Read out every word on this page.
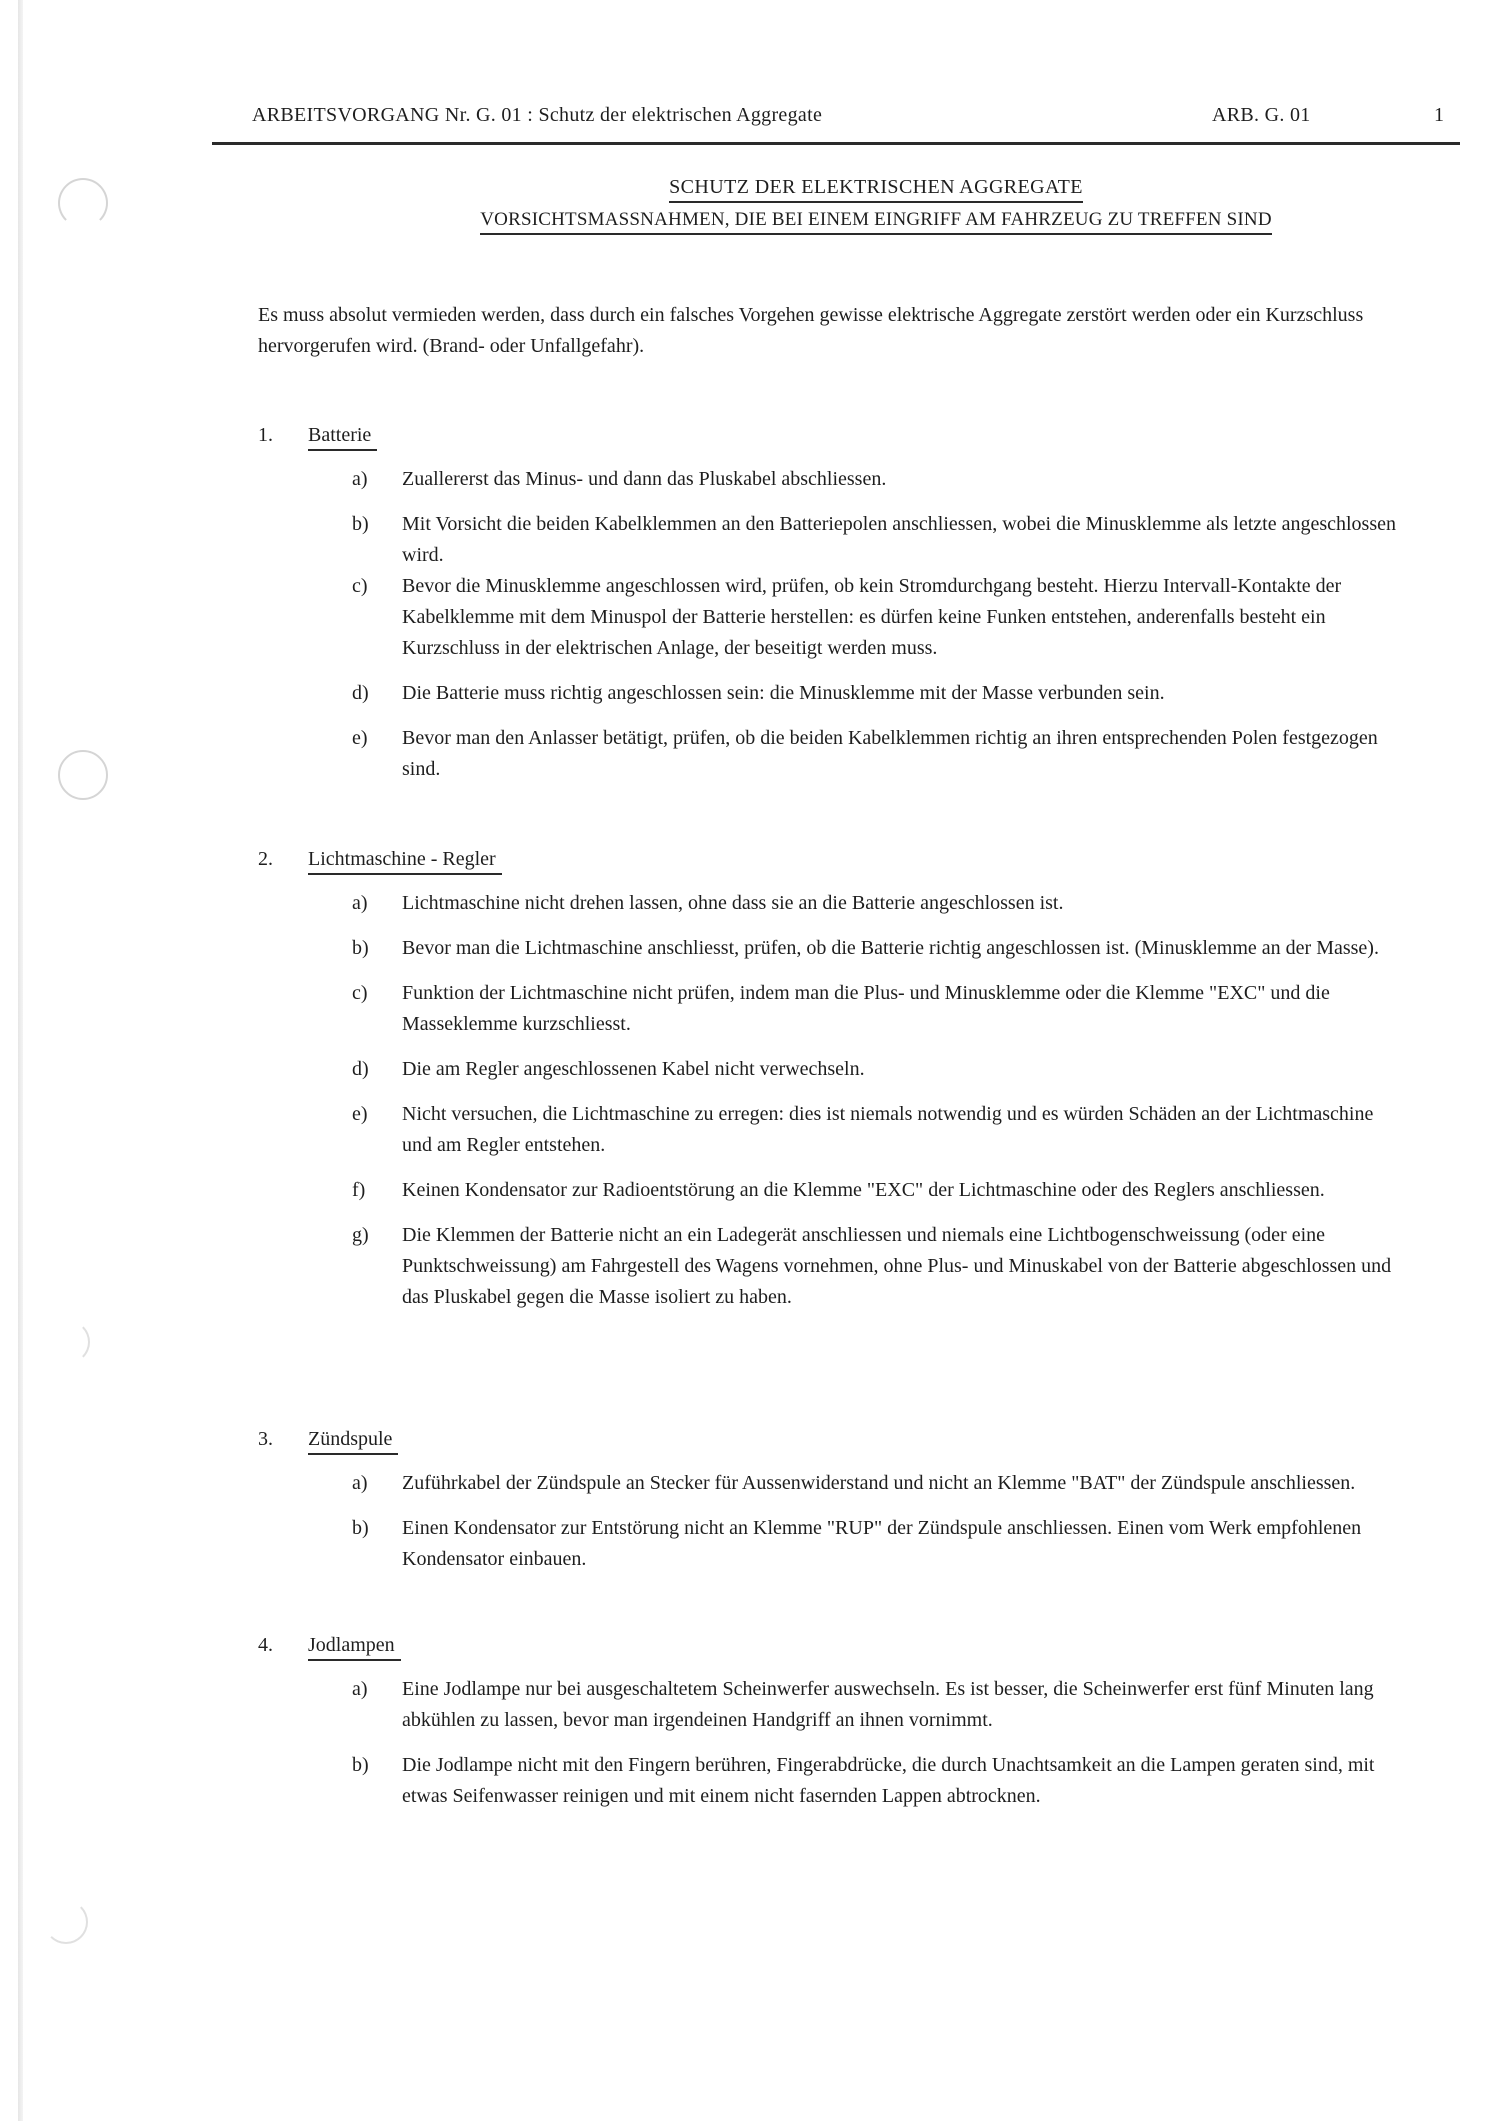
ARBEITSVORGANG Nr. G. 01 : Schutz der elektrischen Aggregate	ARB. G. 01	1
SCHUTZ DER ELEKTRISCHEN AGGREGATE
VORSICHTSMASSNAHMEN, DIE BEI EINEM EINGRIFF AM FAHRZEUG ZU TREFFEN SIND
Es muss absolut vermieden werden, dass durch ein falsches Vorgehen gewisse elektrische Aggregate zerstört werden oder ein Kurzschluss hervorgerufen wird. (Brand- oder Unfallgefahr).
1. Batterie
a) Zuallererst das Minus- und dann das Pluskabel abschliessen.
b) Mit Vorsicht die beiden Kabelklemmen an den Batteriepolen anschliessen, wobei die Minusklemme als letzte angeschlossen wird.
c) Bevor die Minusklemme angeschlossen wird, prüfen, ob kein Stromdurchgang besteht. Hierzu Intervall-Kontakte der Kabelklemme mit dem Minuspol der Batterie herstellen: es dürfen keine Funken entstehen, anderenfalls besteht ein Kurzschluss in der elektrischen Anlage, der beseitigt werden muss.
d) Die Batterie muss richtig angeschlossen sein: die Minusklemme mit der Masse verbunden sein.
e) Bevor man den Anlasser betätigt, prüfen, ob die beiden Kabelklemmen richtig an ihren entsprechenden Polen festgezogen sind.
2. Lichtmaschine - Regler
a) Lichtmaschine nicht drehen lassen, ohne dass sie an die Batterie angeschlossen ist.
b) Bevor man die Lichtmaschine anschliesst, prüfen, ob die Batterie richtig angeschlossen ist. (Minusklemme an der Masse).
c) Funktion der Lichtmaschine nicht prüfen, indem man die Plus- und Minusklemme oder die Klemme "EXC" und die Masseklemme kurzschliesst.
d) Die am Regler angeschlossenen Kabel nicht verwechseln.
e) Nicht versuchen, die Lichtmaschine zu erregen: dies ist niemals notwendig und es würden Schäden an der Lichtmaschine und am Regler entstehen.
f) Keinen Kondensator zur Radioentstörung an die Klemme "EXC" der Lichtmaschine oder des Reglers anschliessen.
g) Die Klemmen der Batterie nicht an ein Ladegerät anschliessen und niemals eine Lichtbogenschweissung (oder eine Punktschweissung) am Fahrgestell des Wagens vornehmen, ohne Plus- und Minuskabel von der Batterie abgeschlossen und das Pluskabel gegen die Masse isoliert zu haben.
3. Zündspule
a) Zuführkabel der Zündspule an Stecker für Aussenwiderstand und nicht an Klemme "BAT" der Zündspule anschliessen.
b) Einen Kondensator zur Entstörung nicht an Klemme "RUP" der Zündspule anschliessen. Einen vom Werk empfohlenen Kondensator einbauen.
4. Jodlampen
a) Eine Jodlampe nur bei ausgeschaltetem Scheinwerfer auswechseln. Es ist besser, die Scheinwerfer erst fünf Minuten lang abkühlen zu lassen, bevor man irgendeinen Handgriff an ihnen vornimmt.
b) Die Jodlampe nicht mit den Fingern berühren, Fingerabdrücke, die durch Unachtsamkeit an die Lampen geraten sind, mit etwas Seifenwasser reinigen und mit einem nicht fasernden Lappen abtrocknen.
